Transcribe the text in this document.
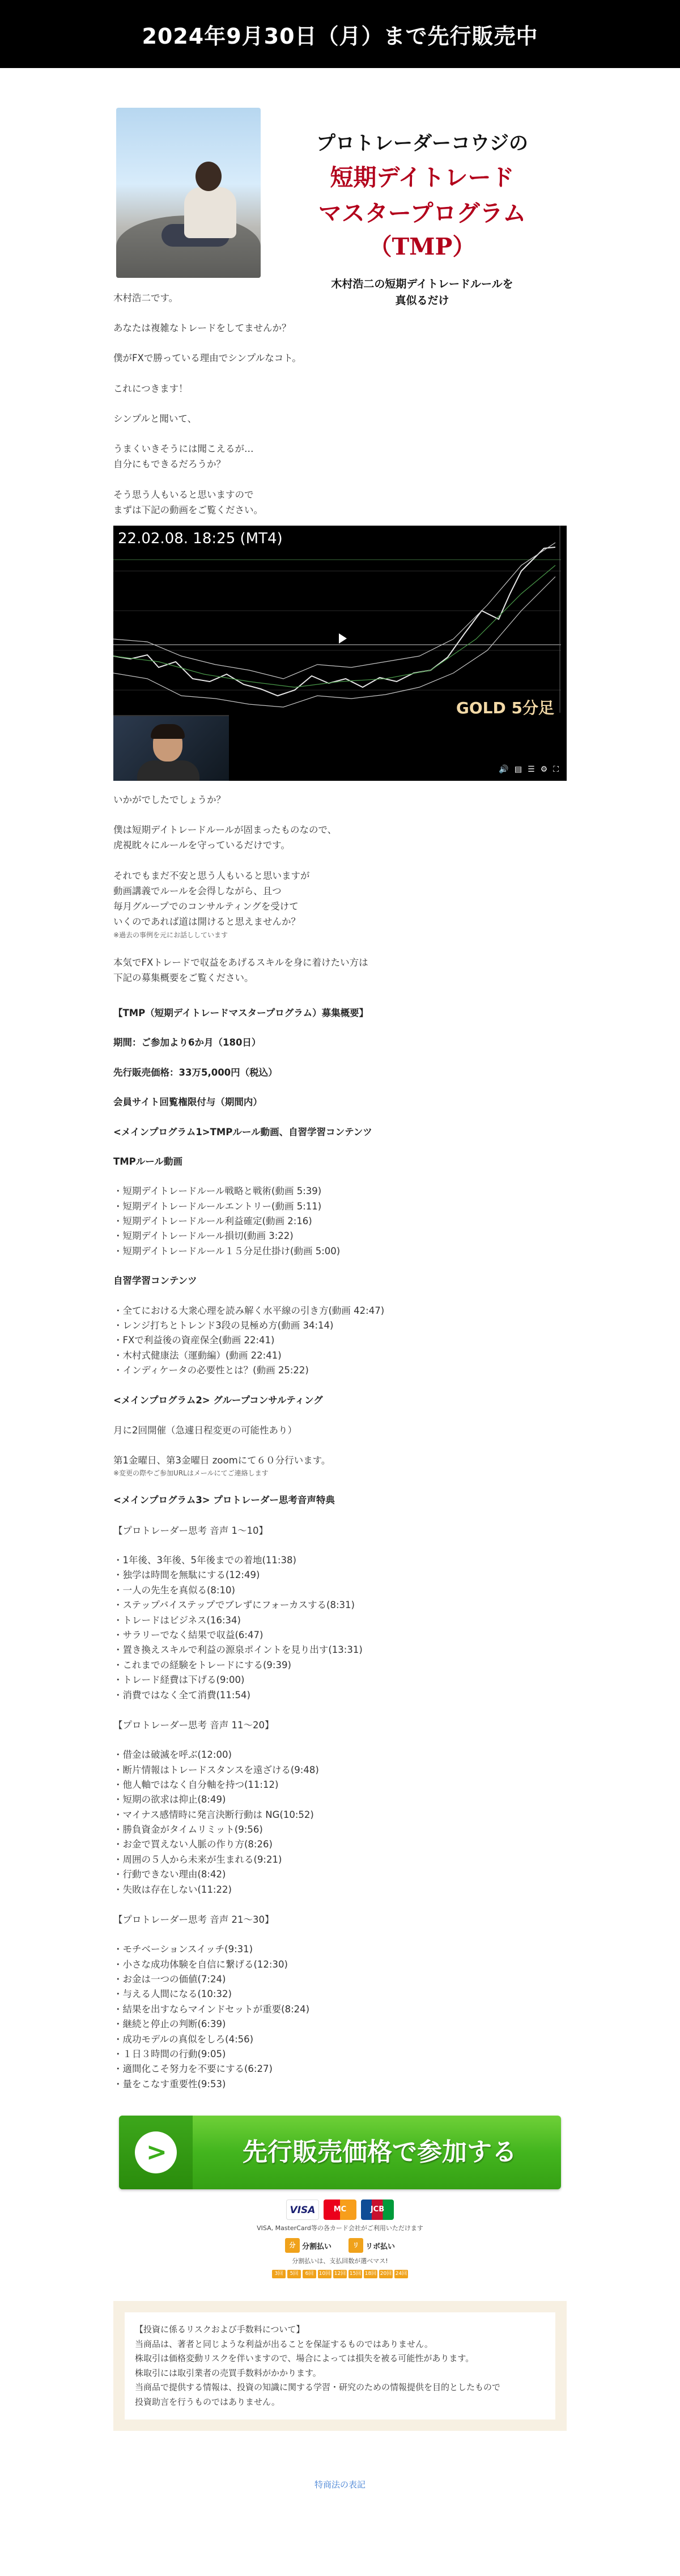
2024年9月30日（月）まで先行販売中
プロトレーダーコウジの
短期デイトレード
マスタープログラム（TMP）
木村浩二の短期デイトレードルールを
真似るだけ

木村浩二です。

あなたは複雑なトレードをしてませんか？

僕がFXで勝っている理由でシンプルなコト。

これにつきます！

シンプルと聞いて、

うまくいきそうには聞こえるが…

自分にもできるだろうか？

そう思う人もいると思いますので

まずは下記の動画をご覧ください。

22.02.08. 18:25 (MT4)
GOLD 5分足
🔊 ▤ ☰ ⚙ ⛶

いかがでしたでしょうか？

僕は短期デイトレードルールが固まったものなので、

虎視眈々にルールを守っているだけです。

それでもまだ不安と思う人もいると思いますが

動画講義でルールを会得しながら、且つ

毎月グループでのコンサルティングを受けて

いくのであれば道は開けると思えませんか？

※過去の事例を元にお話ししています

本気でFXトレードで収益をあげるスキルを身に着けたい方は

下記の募集概要をご覧ください。

【TMP（短期デイトレードマスタープログラム）募集概要】

期間：ご参加より6か月（180日）

先行販売価格：33万5,000円（税込）

会員サイト回覧権限付与（期間内）

<メインプログラム1>TMPルール動画、自習学習コンテンツ

TMPルール動画

・短期デイトレードルール戦略と戦術(動画 5:39)
・短期デイトレードルールエントリー(動画 5:11)
・短期デイトレードルール利益確定(動画 2:16)
・短期デイトレードルール損切(動画 3:22)
・短期デイトレードルール１５分足仕掛け(動画 5:00)

自習学習コンテンツ

・全てにおける大衆心理を読み解く水平線の引き方(動画 42:47)
・レンジ打ちとトレンド3段の見極め方(動画 34:14)
・FXで利益後の資産保全(動画 22:41)
・木村式健康法（運動編）(動画 22:41)
・インディケータの必要性とは？(動画 25:22)

<メインプログラム2> グループコンサルティング

月に2回開催（急遽日程変更の可能性あり）

第1金曜日、第3金曜日 zoomにて６０分行います。

※変更の際やご参加URLはメールにてご連絡します

<メインプログラム3> プロトレーダー思考音声特典

【プロトレーダー思考 音声 1〜10】

・1年後、3年後、5年後までの着地(11:38)
・独学は時間を無駄にする(12:49)
・一人の先生を真似る(8:10)
・ステップバイステップでブレずにフォーカスする(8:31)
・トレードはビジネス(16:34)
・サラリーでなく結果で収益(6:47)
・置き換えスキルで利益の源泉ポイントを見り出す(13:31)
・これまでの経験をトレードにする(9:39)
・トレード経費は下げる(9:00)
・消費ではなく全て消費(11:54)

【プロトレーダー思考 音声 11〜20】

・借金は破滅を呼ぶ(12:00)
・断片情報はトレードスタンスを遠ざける(9:48)
・他人軸ではなく自分軸を持つ(11:12)
・短期の欲求は抑止(8:49)
・マイナス感情時に発言決断行動は NG(10:52)
・勝負資金がタイムリミット(9:56)
・お金で買えない人脈の作り方(8:26)
・周囲の５人から未来が生まれる(9:21)
・行動できない理由(8:42)
・失敗は存在しない(11:22)

【プロトレーダー思考 音声 21〜30】

・モチベーションスイッチ(9:31)
・小さな成功体験を自信に繋げる(12:30)
・お金は一つの価値(7:24)
・与える人間になる(10:32)
・結果を出すならマインドセットが重要(8:24)
・継続と停止の判断(6:39)
・成功モデルの真似をしろ(4:56)
・１日３時間の行動(9:05)
・適間化こそ努力を不要にする(6:27)
・量をこなす重要性(9:53)
>	先行販売価格で参加する
VISA	MC	JCB

VISA, MasterCard等の各カード会社がご利用いただけます

分 分割払い	リ リボ払い

分割払いは、支払回数が選べマス!

3回	5回	6回	10回 12回 15回 18回 20回 24回

【投資に係るリスクおよび手数料について】

当商品は、著者と同じような利益が出ることを保証するものではありません。

株取引は価格変動リスクを伴いますので、場合によっては損失を被る可能性があります。

株取引には取引業者の売買手数料がかかります。

当商品で提供する情報は、投資の知識に関する学習・研究のための情報提供を目的としたもので

投資助言を行うものではありません。

特商法の表記
